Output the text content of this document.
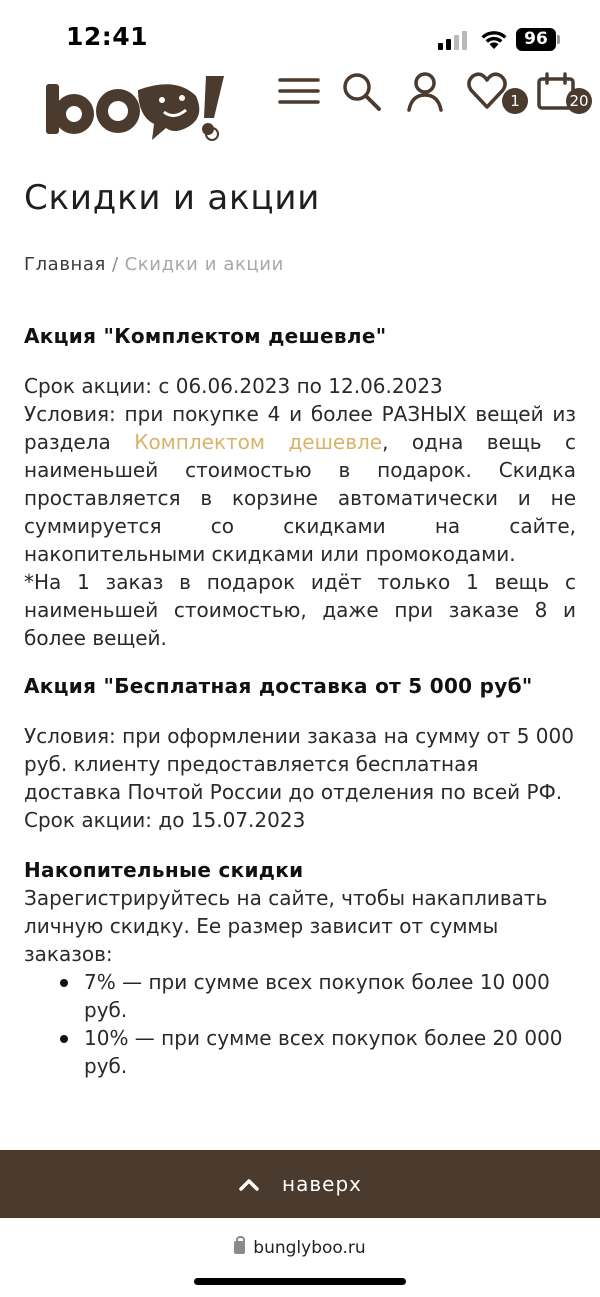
12:41	96
1	20
Скидки и акции
Главная / Скидки и акции
Акция "Комплектом дешевле"
Срок акции: с 06.06.2023 по 12.06.2023
Условия: при покупке 4 и более РАЗНЫХ вещей из раздела Комплектом дешевле, одна вещь с наименьшей стоимостью в подарок. Скидка проставляется в корзине автоматически и не суммируется со скидками на сайте, накопительными скидками или промокодами.
*На 1 заказ в подарок идёт только 1 вещь с наименьшей стоимостью, даже при заказе 8 и более вещей.
Акция "Бесплатная доставка от 5 000 руб"
Условия: при оформлении заказа на сумму от 5 000 руб. клиенту предоставляется бесплатная доставка Почтой России до отделения по всей РФ. Срок акции: до 15.07.2023
Накопительные скидки
Зарегистрируйтесь на сайте, чтобы накапливать личную скидку. Ее размер зависит от суммы заказов:
7% — при сумме всех покупок более 10 000 руб.
10% — при сумме всех покупок более 20 000 руб.
наверх
bunglyboo.ru
